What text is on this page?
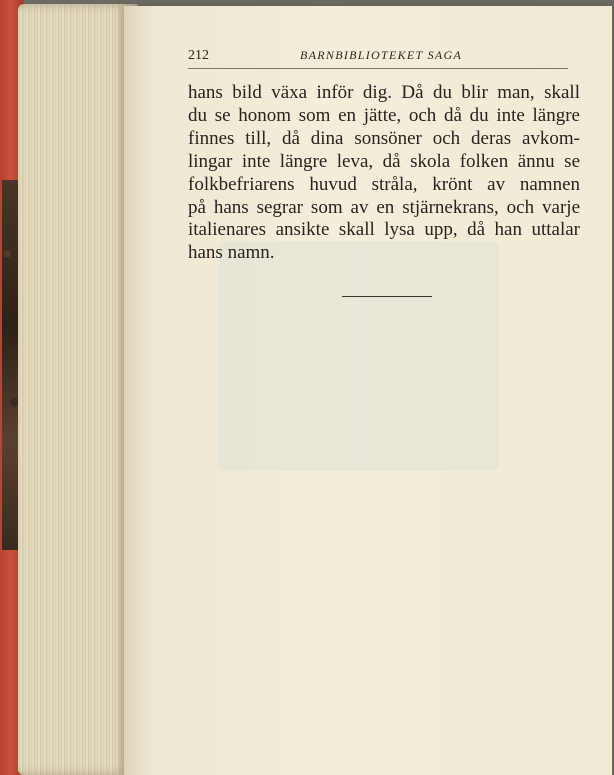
212	BARNBIBLIOTEKET SAGA

hans bild växa inför dig. Då du blir man, skall
du se honom som en jätte, och då du inte längre
finnes till, då dina sonsöner och deras avkom-
lingar inte längre leva, då skola folken ännu se
folkbefriarens huvud stråla, krönt av namnen
på hans segrar som av en stjärnekrans, och varje
italienares ansikte skall lysa upp, då han uttalar
hans namn.
